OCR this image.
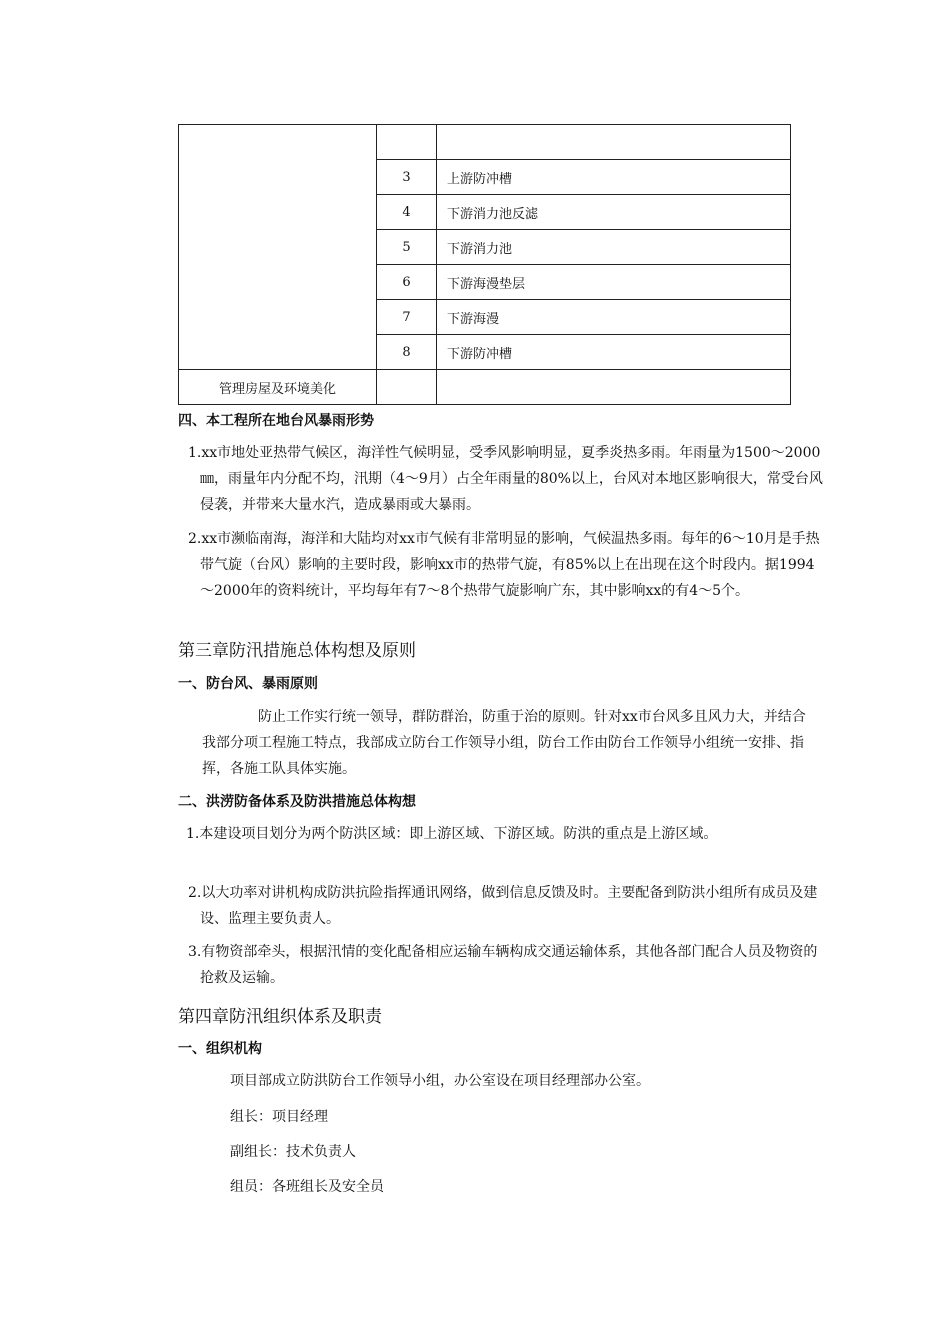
	3	上游防冲槽
	4	下游消力池反滤
	5	下游消力池
	6	下游海漫垫层
	7	下游海漫
	8	下游防冲槽
管理房屋及环境美化		
四、本工程所在地台风暴雨形势
1.xx市地处亚热带气候区，海洋性气候明显，受季风影响明显，夏季炎热多雨。年雨量为1500～2000㎜，雨量年内分配不均，汛期（4～9月）占全年雨量的80%以上，台风对本地区影响很大，常受台风侵袭，并带来大量水汽，造成暴雨或大暴雨。
2.xx市濒临南海，海洋和大陆均对xx市气候有非常明显的影响，气候温热多雨。每年的6～10月是手热带气旋（台风）影响的主要时段，影响xx市的热带气旋，有85%以上在出现在这个时段内。据1994～2000年的资料统计，平均每年有7～8个热带气旋影响广东，其中影响xx的有4～5个。
第三章防汛措施总体构想及原则
一、防台风、暴雨原则
防止工作实行统一领导，群防群治，防重于治的原则。针对xx市台风多且风力大，并结合我部分项工程施工特点，我部成立防台工作领导小组，防台工作由防台工作领导小组统一安排、指挥，各施工队具体实施。
二、洪涝防备体系及防洪措施总体构想
1.本建设项目划分为两个防洪区域：即上游区域、下游区域。防洪的重点是上游区域。
2.以大功率对讲机构成防洪抗险指挥通讯网络，做到信息反馈及时。主要配备到防洪小组所有成员及建设、监理主要负责人。
3.有物资部牵头，根据汛情的变化配备相应运输车辆构成交通运输体系，其他各部门配合人员及物资的抢救及运输。
第四章防汛组织体系及职责
一、组织机构
项目部成立防洪防台工作领导小组，办公室设在项目经理部办公室。
组长：项目经理
副组长：技术负责人
组员：各班组长及安全员
